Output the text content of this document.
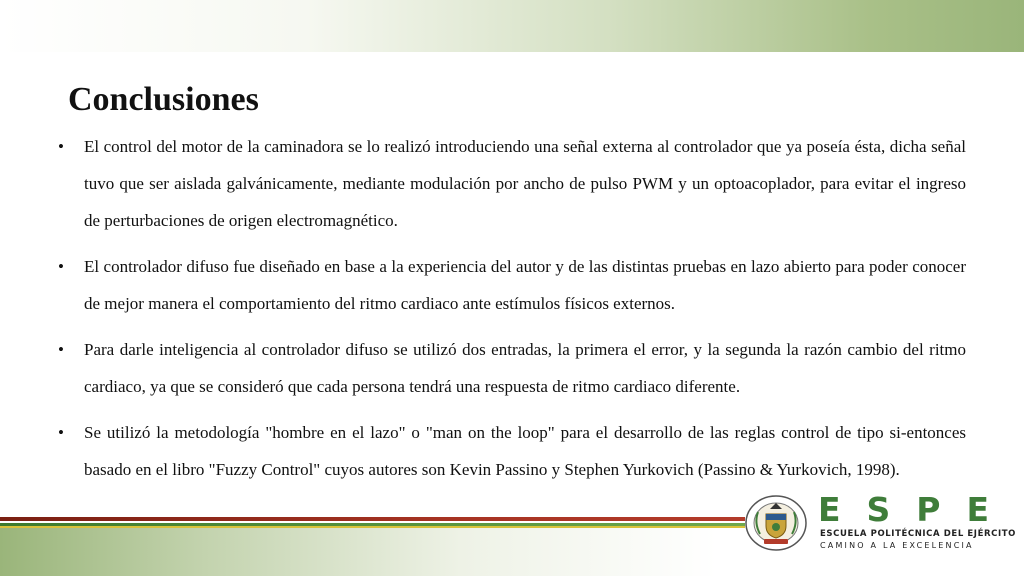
Conclusiones
•	El control del motor de la caminadora se lo realizó introduciendo una señal externa al controlador que ya poseía ésta, dicha señal tuvo que ser aislada galvánicamente, mediante modulación por ancho de pulso PWM y un optoacoplador, para evitar el ingreso de perturbaciones de origen electromagnético.
•	El controlador difuso fue diseñado en base a la experiencia del autor y de las distintas pruebas en lazo abierto para poder conocer de mejor manera el comportamiento del ritmo cardiaco ante estímulos físicos externos.
•	Para darle inteligencia al controlador difuso se utilizó dos entradas, la primera el error, y la segunda la razón cambio del ritmo cardiaco, ya que se consideró que cada persona tendrá una respuesta de ritmo cardiaco diferente.
•	Se utilizó la metodología "hombre en el lazo" o "man on the loop" para el desarrollo de las reglas control de tipo si-entonces basado en el libro "Fuzzy Control" cuyos autores son Kevin Passino y Stephen Yurkovich (Passino & Yurkovich, 1998).
ESPE
ESCUELA POLITÉCNICA DEL EJÉRCITO
CAMINO A LA EXCELENCIA
